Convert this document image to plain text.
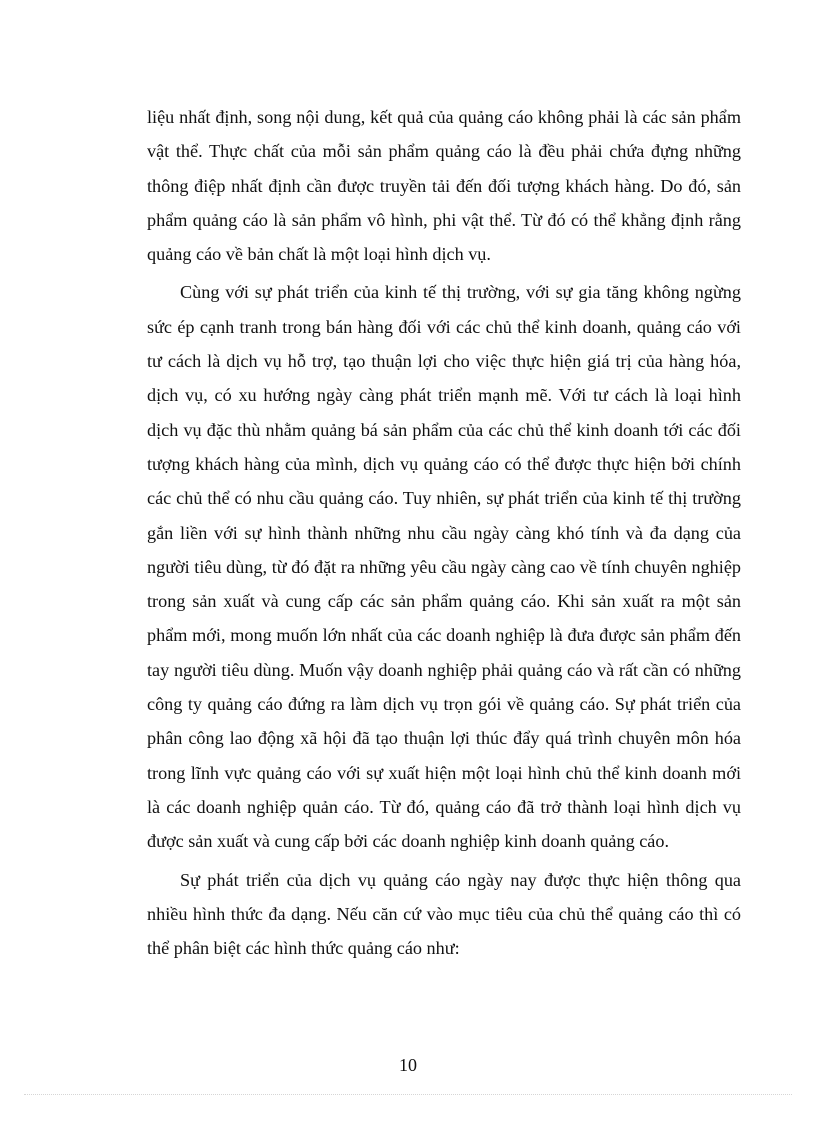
liệu nhất định, song nội dung, kết quả của quảng cáo không phải là các sản phẩm vật thể. Thực chất của mỗi sản phẩm quảng cáo là đều phải chứa đựng những thông điệp nhất định cần được truyền tải đến đối tượng khách hàng. Do đó, sản phẩm quảng cáo là sản phẩm vô hình, phi vật thể. Từ đó có thể khẳng định rằng quảng cáo về bản chất là một loại hình dịch vụ.

Cùng với sự phát triển của kinh tế thị trường, với sự gia tăng không ngừng sức ép cạnh tranh trong bán hàng đối với các chủ thể kinh doanh, quảng cáo với tư cách là dịch vụ hỗ trợ, tạo thuận lợi cho việc thực hiện giá trị của hàng hóa, dịch vụ, có xu hướng ngày càng phát triển mạnh mẽ. Với tư cách là loại hình dịch vụ đặc thù nhằm quảng bá sản phẩm của các chủ thể kinh doanh tới các đối tượng khách hàng của mình, dịch vụ quảng cáo có thể được thực hiện bởi chính các chủ thể có nhu cầu quảng cáo. Tuy nhiên, sự phát triển của kinh tế thị trường gắn liền với sự hình thành những nhu cầu ngày càng khó tính và đa dạng của người tiêu dùng, từ đó đặt ra những yêu cầu ngày càng cao về tính chuyên nghiệp trong sản xuất và cung cấp các sản phẩm quảng cáo. Khi sản xuất ra một sản phẩm mới, mong muốn lớn nhất của các doanh nghiệp là đưa được sản phẩm đến tay người tiêu dùng. Muốn vậy doanh nghiệp phải quảng cáo và rất cần có những công ty quảng cáo đứng ra làm dịch vụ trọn gói về quảng cáo. Sự phát triển của phân công lao động xã hội đã tạo thuận lợi thúc đẩy quá trình chuyên môn hóa trong lĩnh vực quảng cáo với sự xuất hiện một loại hình chủ thể kinh doanh mới là các doanh nghiệp quản cáo. Từ đó, quảng cáo đã trở thành loại hình dịch vụ được sản xuất và cung cấp bởi các doanh nghiệp kinh doanh quảng cáo.

Sự phát triển của dịch vụ quảng cáo ngày nay được thực hiện thông qua nhiều hình thức đa dạng. Nếu căn cứ vào mục tiêu của chủ thể quảng cáo thì có thể phân biệt các hình thức quảng cáo như:

10
